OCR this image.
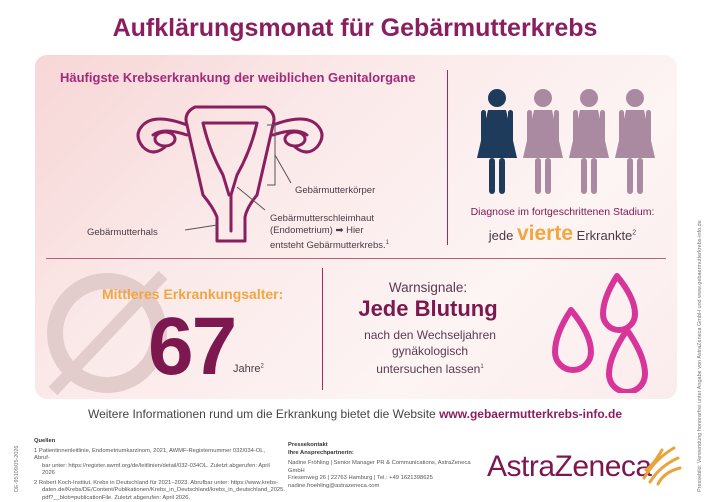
Aufklärungsmonat für Gebärmutterkrebs
Häufigste Krebserkrankung der weiblichen Genitalorgane
Gebärmutterkörper
Gebärmutterhals
Gebärmutterschleimhaut
(Endometrium) ➡ Hier
entsteht Gebärmutterkrebs.$^1$
Diagnose im fortgeschrittenen Stadium:
jede vierte Erkrankte$^2$
Mittleres Erkrankungsalter:
67
Jahre$^2$
Warnsignale:
Jede Blutung
nach den Wechseljahren
gynäkologisch
untersuchen lassen$^1$
Weitere Informationen rund um die Erkrankung bietet die Website www.gebaermutterkrebs-info.de
Quellen
1 Patientinnenleitlinie, Endometriumkarzinom, 2021, AWMF-Registernummer 032/034-OL, Abruf-
bar unter: https://register.awmf.org/de/leitlinien/detail/032-034OL. Zuletzt abgerufen: April 2026
2 Robert Koch-Institut. Krebs in Deutschland für 2021–2023. Abrufbar unter: https://www.krebs-
daten.de/Krebs/DE/Content/Publikationen/Krebs_in_Deutschland/krebs_in_deutschland_2025.
pdf?__blob=publicationFile. Zuletzt abgerufen: April 2026.
Pressekontakt
Ihre Ansprechpartnerin:
Nadine Fröhling | Senior Manager PR & Communications, AstraZeneca GmbH
Friesenweg 26 | 22763 Hamburg | Tel.: +49 1621398625
nadine.froehling@astrazeneca.com
AstraZeneca
DE-95109/05-2026	Pressebild: Verwendung honorarfrei unter Angabe von AstraZeneca GmbH und www.gebaermutterkrebs-info.de
